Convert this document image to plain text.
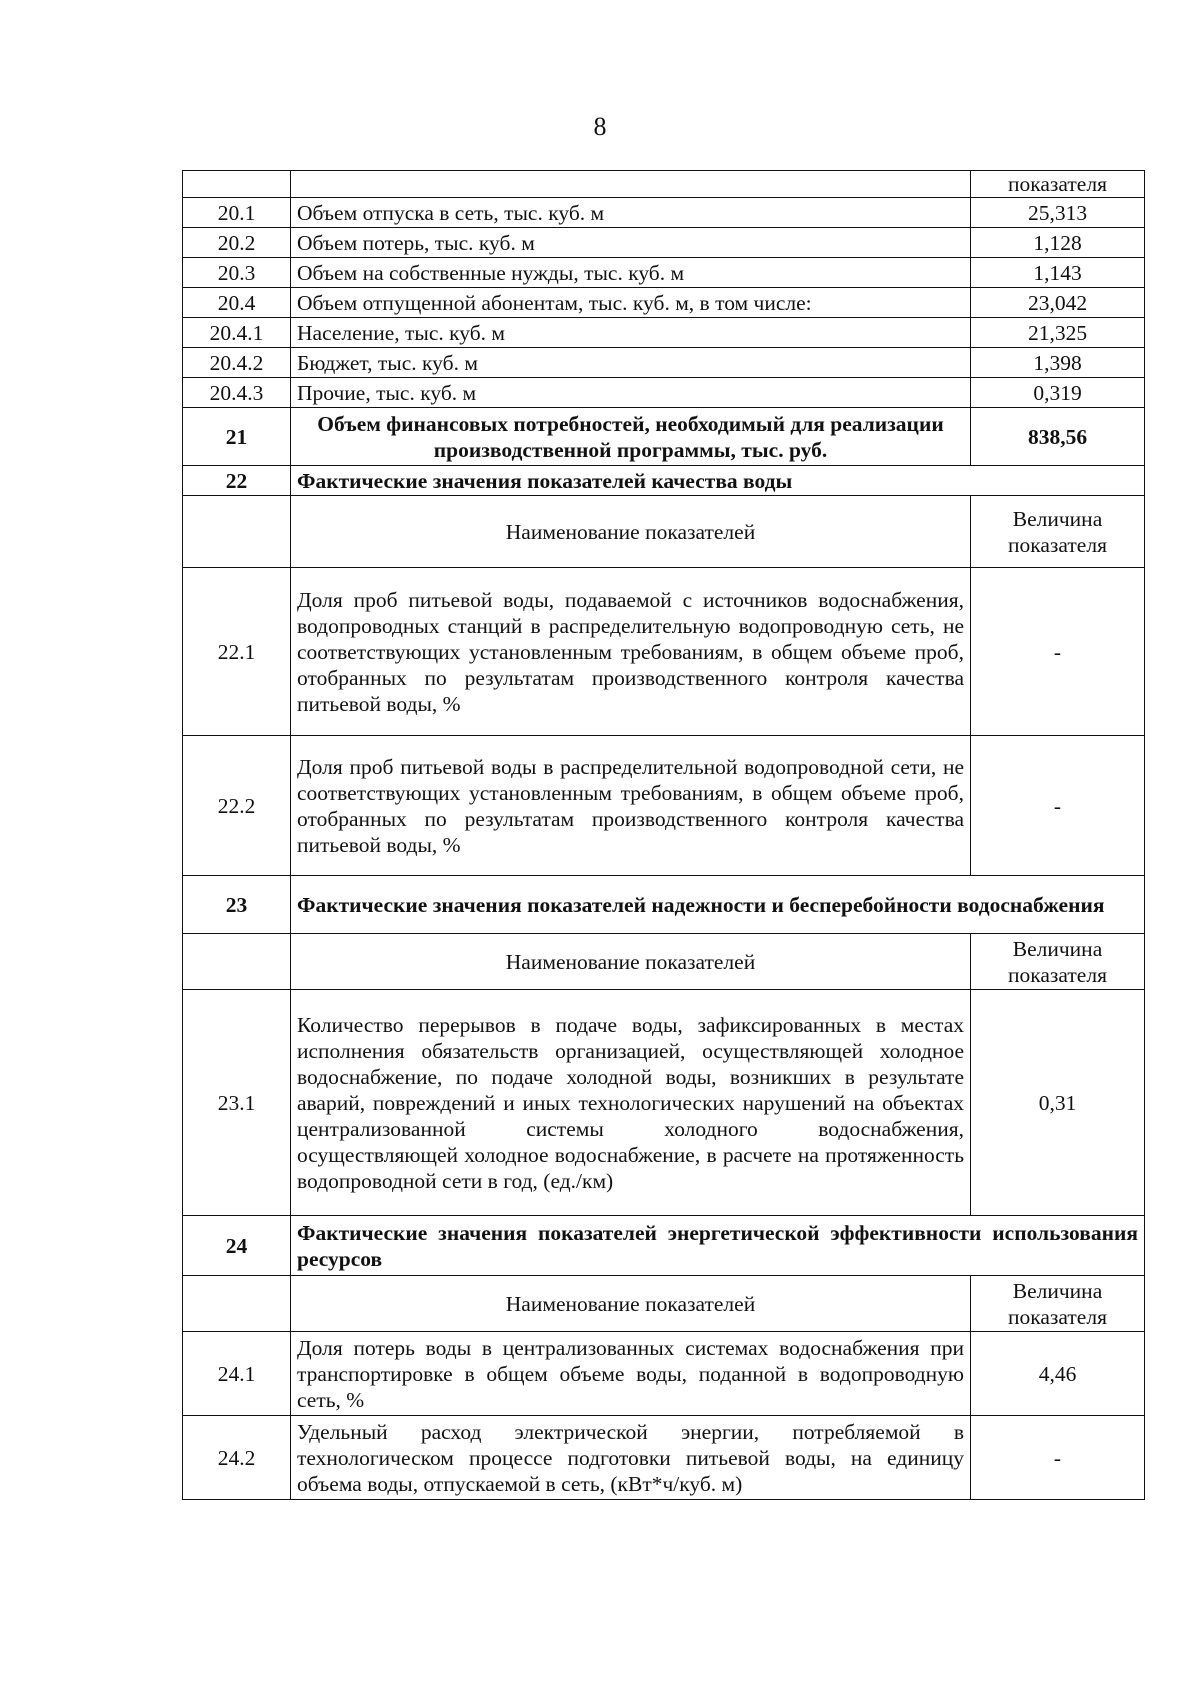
8
		показателя
20.1	Объем отпуска в сеть, тыс. куб. м	25,313
20.2	Объем потерь, тыс. куб. м	1,128
20.3	Объем на собственные нужды, тыс. куб. м	1,143
20.4	Объем отпущенной абонентам, тыс. куб. м, в том числе:	23,042
20.4.1	Население, тыс. куб. м	21,325
20.4.2	Бюджет, тыс. куб. м	1,398
20.4.3	Прочие, тыс. куб. м	0,319
21	Объем финансовых потребностей, необходимый для реализации производственной программы, тыс. руб.	838,56
22	Фактические значения показателей качества воды	
	Наименование показателей	Величина показателя
22.1	Доля проб питьевой воды, подаваемой с источников водоснабжения, водопроводных станций в распределительную водопроводную сеть, не соответствующих установленным требованиям, в общем объеме проб, отобранных по результатам производственного контроля качества питьевой воды, %	-
22.2	Доля проб питьевой воды в распределительной водопроводной сети, не соответствующих установленным требованиям, в общем объеме проб, отобранных по результатам производственного контроля качества питьевой воды, %	-
23	Фактические значения показателей надежности и бесперебойности водоснабжения	
	Наименование показателей	Величина показателя
23.1	Количество перерывов в подаче воды, зафиксированных в местах исполнения обязательств организацией, осуществляющей холодное водоснабжение, по подаче холодной воды, возникших в результате аварий, повреждений и иных технологических нарушений на объектах централизованной системы холодного водоснабжения, осуществляющей холодное водоснабжение, в расчете на протяженность водопроводной сети в год, (ед./км)	0,31
24	Фактические значения показателей энергетической эффективности использования ресурсов	
	Наименование показателей	Величина показателя
24.1	Доля потерь воды в централизованных системах водоснабжения при транспортировке в общем объеме воды, поданной в водопроводную сеть, %	4,46
24.2	Удельный расход электрической энергии, потребляемой в технологическом процессе подготовки питьевой воды, на единицу объема воды, отпускаемой в сеть, (кВт*ч/куб. м)	-
